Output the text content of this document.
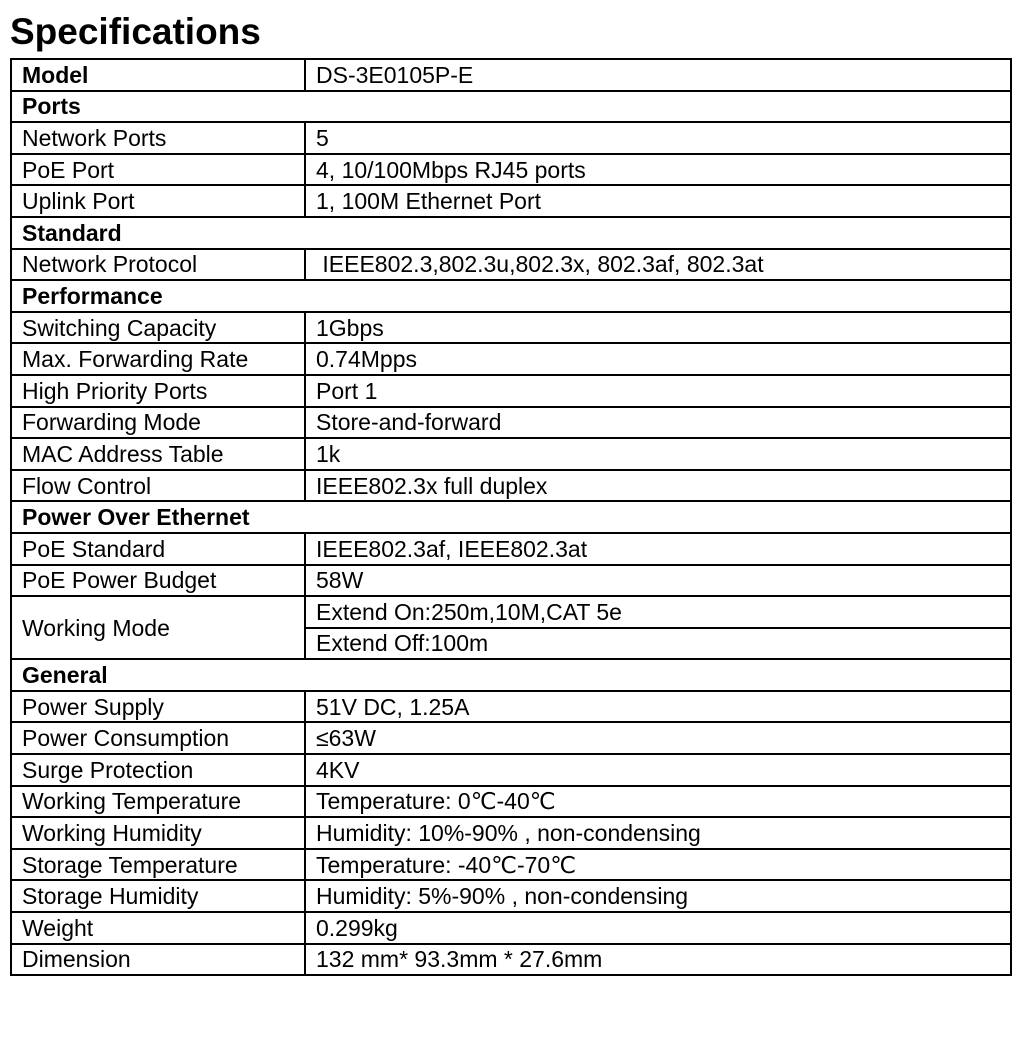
Specifications
Model	DS-3E0105P-E
Ports	
Network Ports	5
PoE Port	4, 10/100Mbps RJ45 ports
Uplink Port	1, 100M Ethernet Port
Standard	
Network Protocol	IEEE802.3,802.3u,802.3x, 802.3af, 802.3at
Performance	
Switching Capacity	1Gbps
Max. Forwarding Rate	0.74Mpps
High Priority Ports	Port 1
Forwarding Mode	Store-and-forward
MAC Address Table	1k
Flow Control	IEEE802.3x full duplex
Power Over Ethernet	
PoE Standard	IEEE802.3af, IEEE802.3at
PoE Power Budget	58W
Working Mode	Extend On:250m,10M,CAT 5e
	Extend Off:100m
General	
Power Supply	51V DC, 1.25A
Power Consumption	≤63W
Surge Protection	4KV
Working Temperature	Temperature: 0℃-40℃
Working Humidity	Humidity: 10%-90% , non-condensing
Storage Temperature	Temperature: -40℃-70℃
Storage Humidity	Humidity: 5%-90% , non-condensing
Weight	0.299kg
Dimension	132 mm* 93.3mm * 27.6mm
